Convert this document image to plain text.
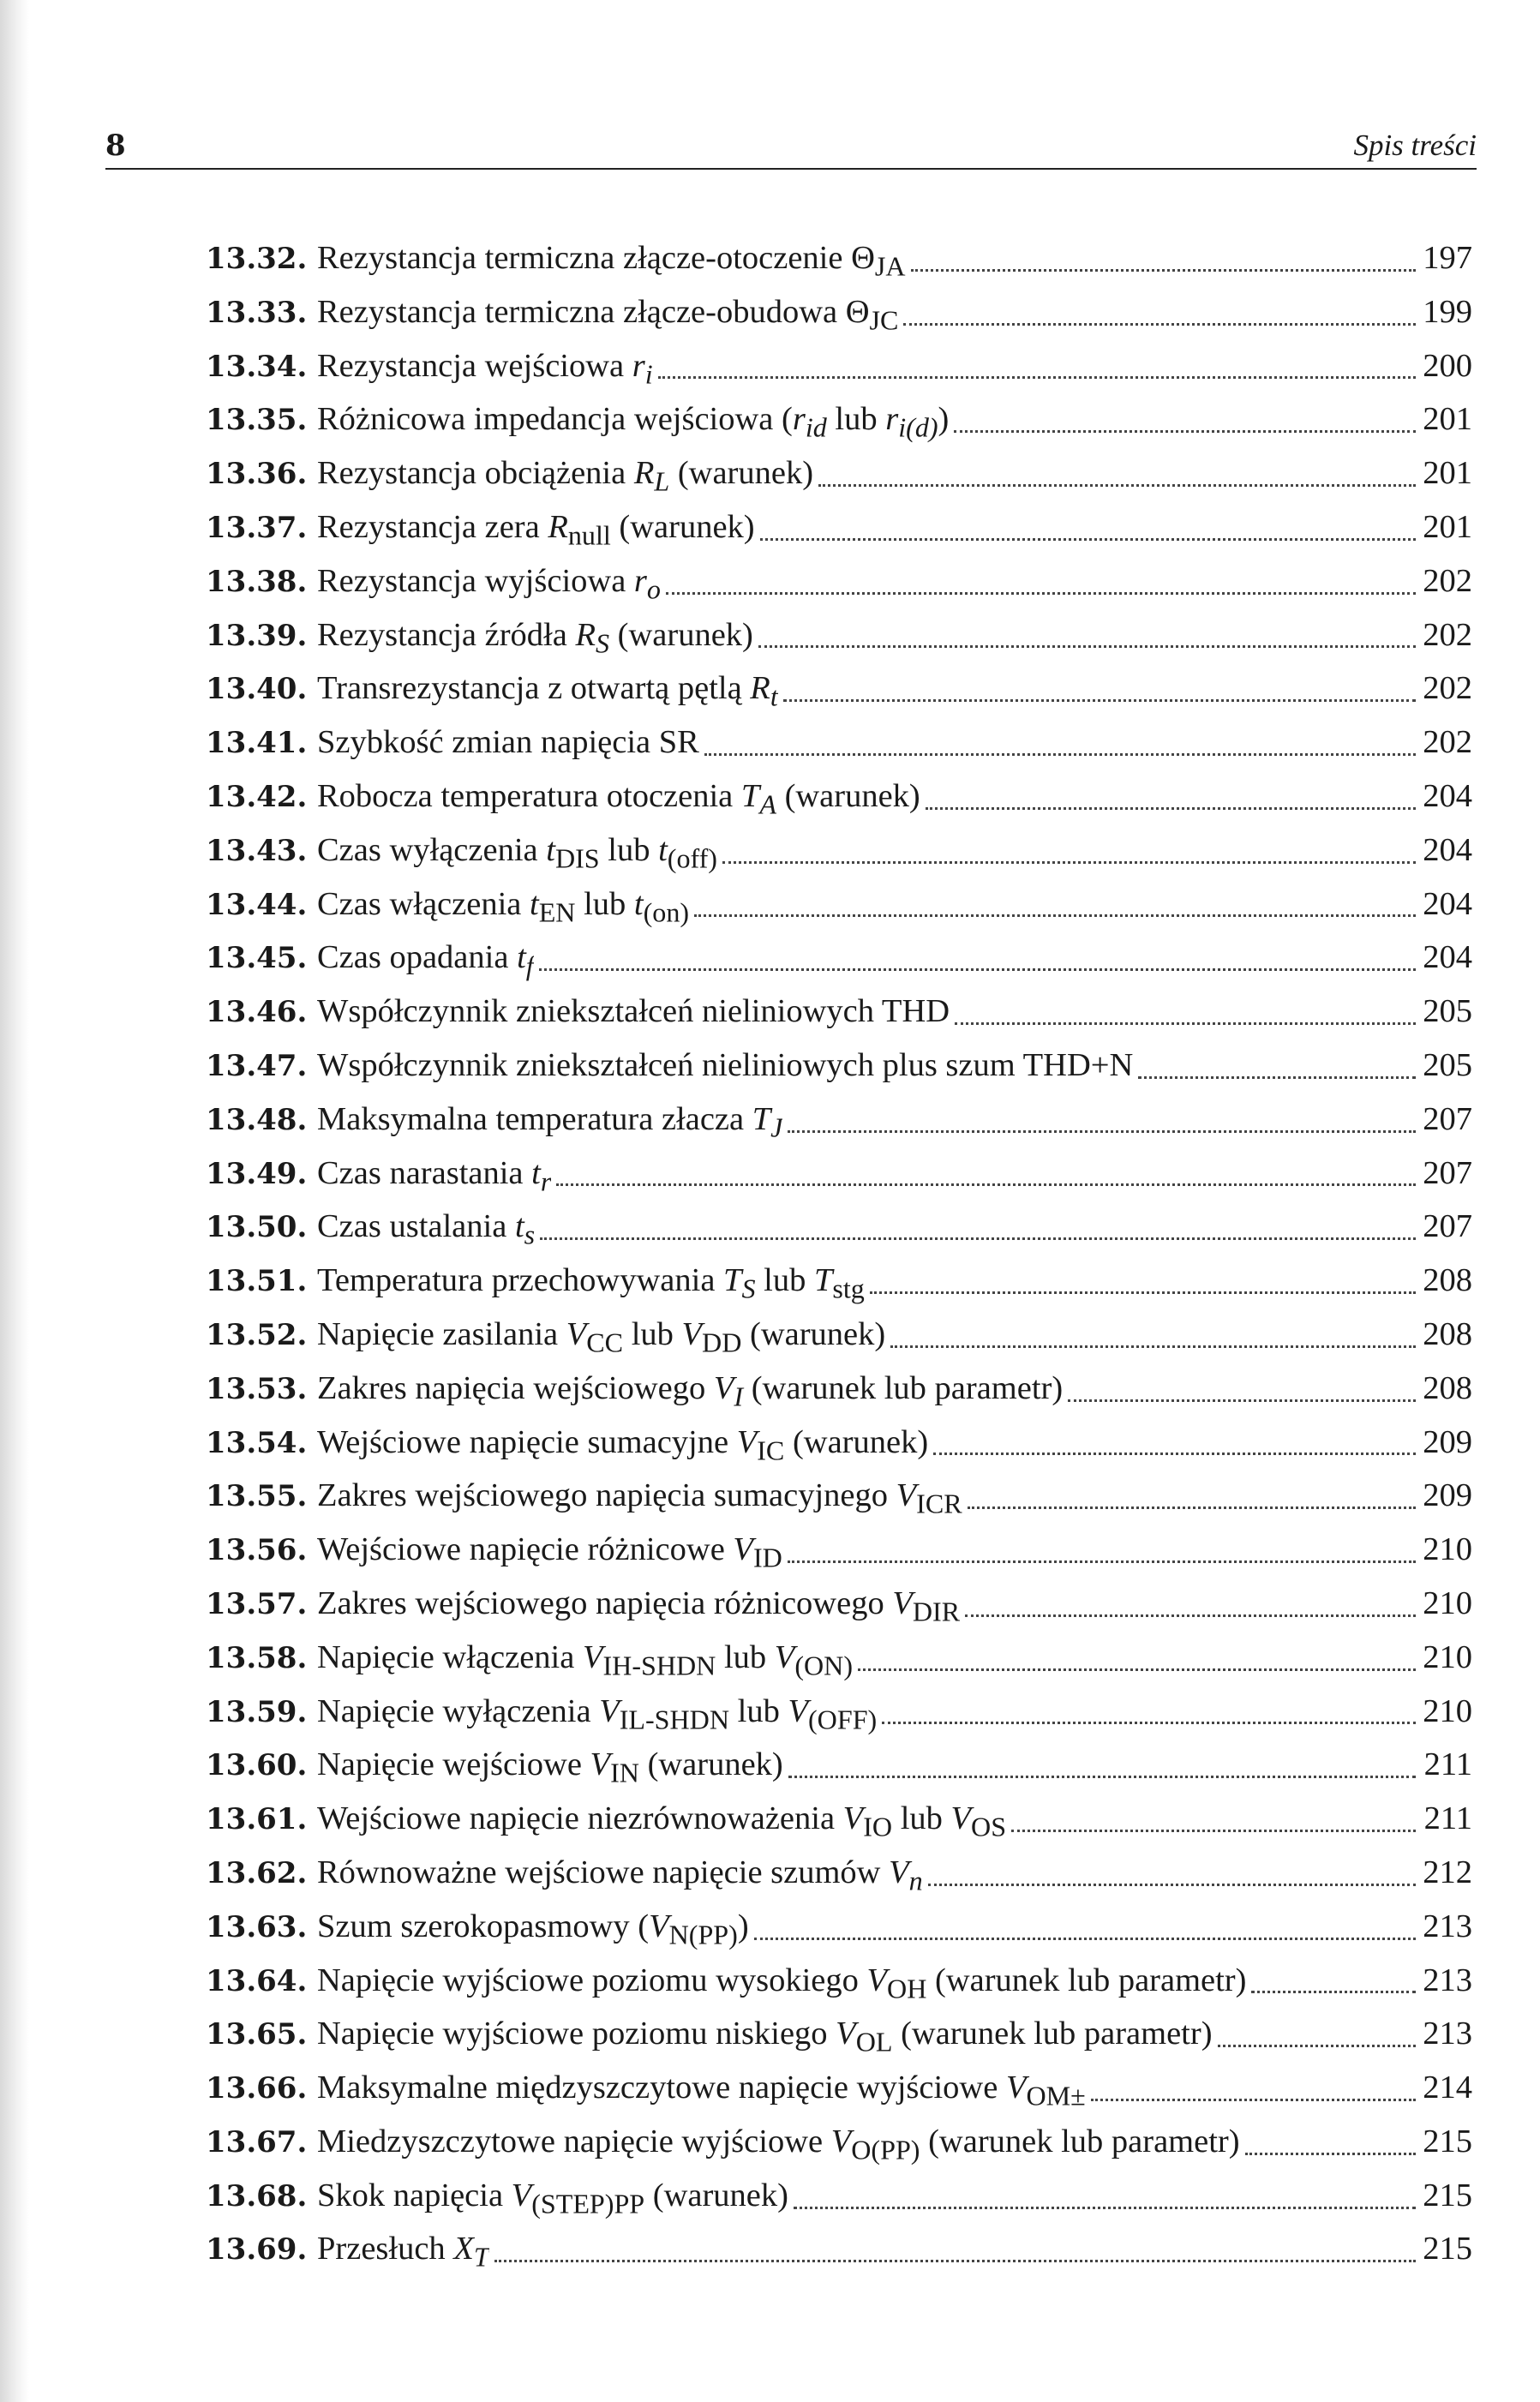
8	Spis treści
13.32. Rezystancja termiczna złącze-otoczenie $\Theta_{JA}$	197
13.33. Rezystancja termiczna złącze-obudowa $\Theta_{JC}$	199
13.34. Rezystancja wejściowa $r_i$	200
13.35. Różnicowa impedancja wejściowa ($r_{id}$ lub $r_{i(d)}$)	201
13.36. Rezystancja obciążenia $R_L$ (warunek)	201
13.37. Rezystancja zera $R_{null}$ (warunek)	201
13.38. Rezystancja wyjściowa $r_o$	202
13.39. Rezystancja źródła $R_S$ (warunek)	202
13.40. Transrezystancja z otwartą pętlą $R_t$	202
13.41. Szybkość zmian napięcia SR	202
13.42. Robocza temperatura otoczenia $T_A$ (warunek)	204
13.43. Czas wyłączenia $t_{DIS}$ lub $t_{(off)}$	204
13.44. Czas włączenia $t_{EN}$ lub $t_{(on)}$	204
13.45. Czas opadania $t_f$	204
13.46. Współczynnik zniekształceń nieliniowych THD	205
13.47. Współczynnik zniekształceń nieliniowych plus szum THD+N	205
13.48. Maksymalna temperatura złacza $T_J$	207
13.49. Czas narastania $t_r$	207
13.50. Czas ustalania $t_s$	207
13.51. Temperatura przechowywania $T_S$ lub $T_{stg}$	208
13.52. Napięcie zasilania $V_{CC}$ lub $V_{DD}$ (warunek)	208
13.53. Zakres napięcia wejściowego $V_I$ (warunek lub parametr)	208
13.54. Wejściowe napięcie sumacyjne $V_{IC}$ (warunek)	209
13.55. Zakres wejściowego napięcia sumacyjnego $V_{ICR}$	209
13.56. Wejściowe napięcie różnicowe $V_{ID}$	210
13.57. Zakres wejściowego napięcia różnicowego $V_{DIR}$	210
13.58. Napięcie włączenia $V_{IH-SHDN}$ lub $V_{(ON)}$	210
13.59. Napięcie wyłączenia $V_{IL-SHDN}$ lub $V_{(OFF)}$	210
13.60. Napięcie wejściowe $V_{IN}$ (warunek)	211
13.61. Wejściowe napięcie niezrównoważenia $V_{IO}$ lub $V_{OS}$	211
13.62. Równoważne wejściowe napięcie szumów $V_n$	212
13.63. Szum szerokopasmowy $(V_{N(PP)})$	213
13.64. Napięcie wyjściowe poziomu wysokiego $V_{OH}$ (warunek lub parametr)	213
13.65. Napięcie wyjściowe poziomu niskiego $V_{OL}$ (warunek lub parametr)	213
13.66. Maksymalne międzyszczytowe napięcie wyjściowe $V_{OM\pm}$	214
13.67. Miedzyszczytowe napięcie wyjściowe $V_{O(PP)}$ (warunek lub parametr)	215
13.68. Skok napięcia $V_{(STEP)PP}$ (warunek)	215
13.69. Przesłuch $X_T$	215
